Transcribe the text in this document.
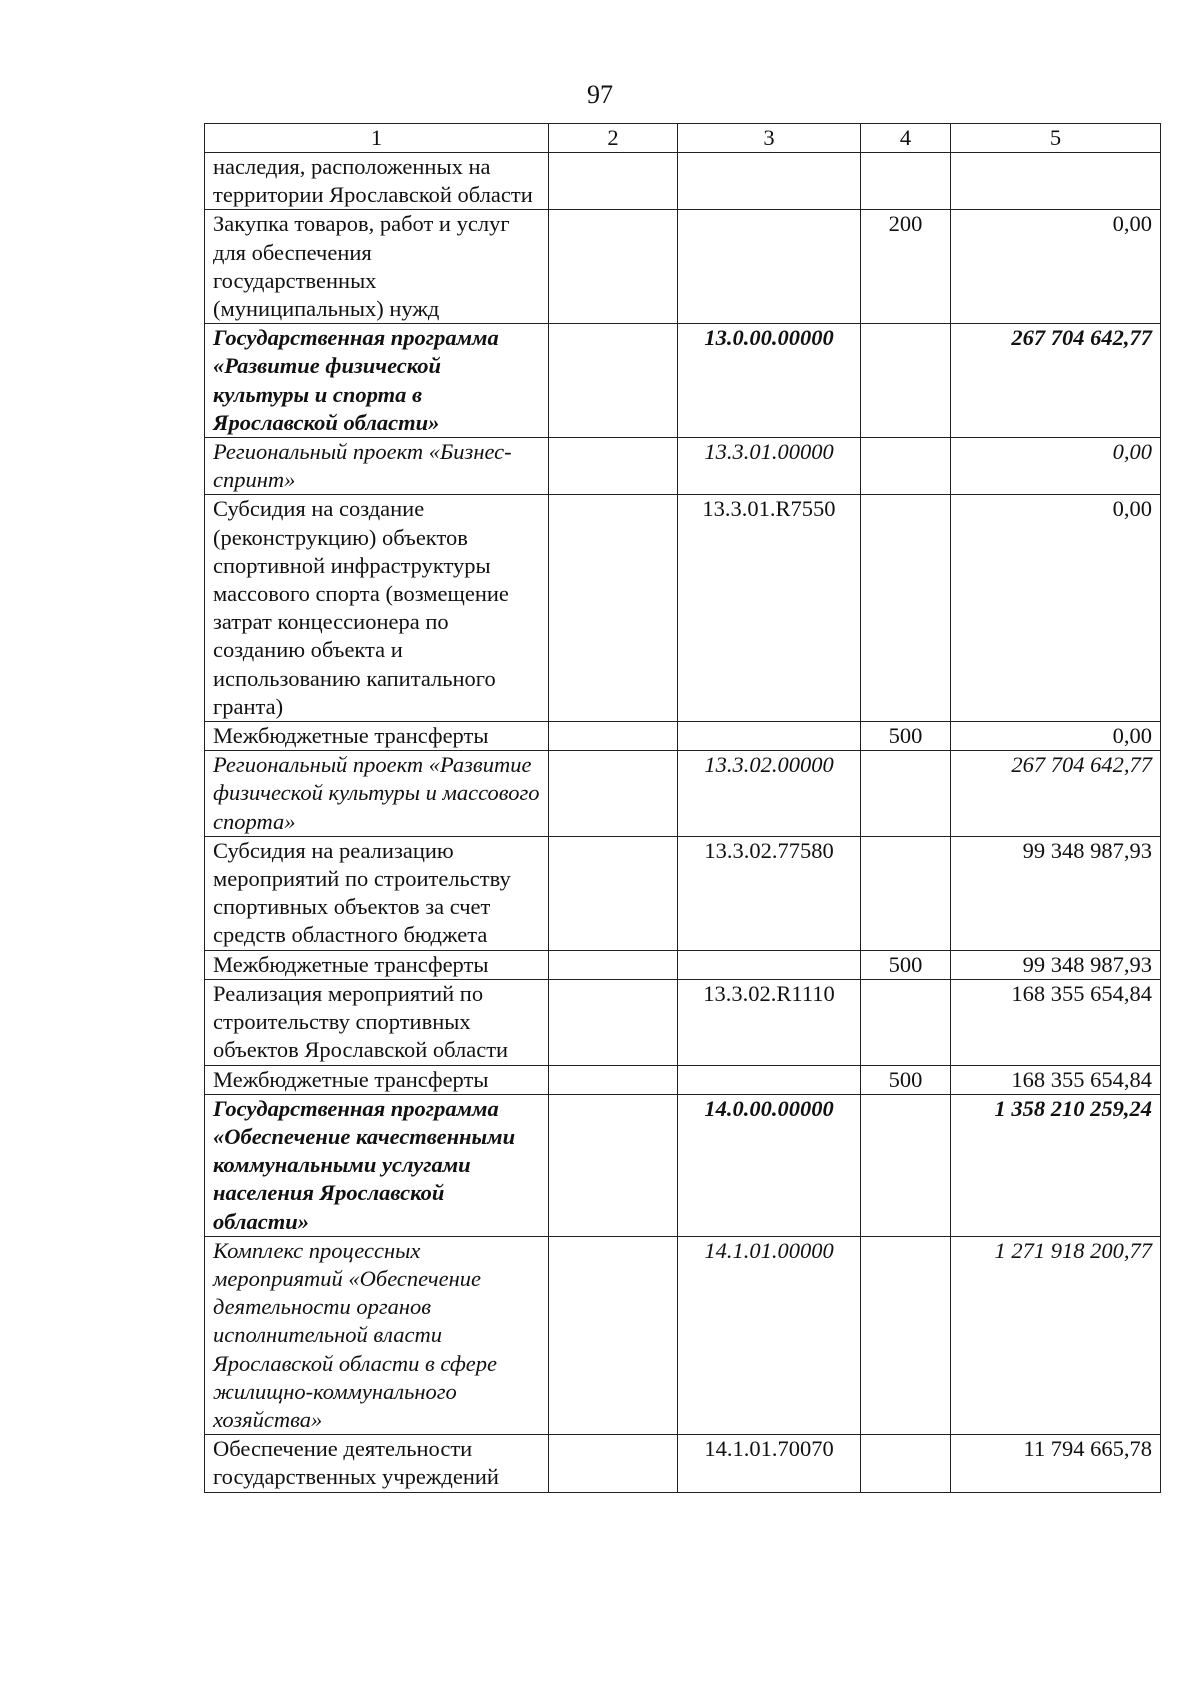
97
1	2	3	4	5
наследия, расположенных на территории Ярославской области				
Закупка товаров, работ и услуг для обеспечения государственных (муниципальных) нужд			200	0,00
Государственная программа «Развитие физической культуры и спорта в Ярославской области»		13.0.00.00000		267 704 642,77
Региональный проект «Бизнес-спринт»		13.3.01.00000		0,00
Субсидия на создание (реконструкцию) объектов спортивной инфраструктуры массового спорта (возмещение затрат концессионера по созданию объекта и использованию капитального гранта)		13.3.01.R7550		0,00
Межбюджетные трансферты			500	0,00
Региональный проект «Развитие физической культуры и массового спорта»		13.3.02.00000		267 704 642,77
Субсидия на реализацию мероприятий по строительству спортивных объектов за счет средств областного бюджета		13.3.02.77580		99 348 987,93
Межбюджетные трансферты			500	99 348 987,93
Реализация мероприятий по строительству спортивных объектов Ярославской области		13.3.02.R1110		168 355 654,84
Межбюджетные трансферты			500	168 355 654,84
Государственная программа «Обеспечение качественными коммунальными услугами населения Ярославской области»		14.0.00.00000		1 358 210 259,24
Комплекс процессных мероприятий «Обеспечение деятельности органов исполнительной власти Ярославской области в сфере жилищно-коммунального хозяйства»		14.1.01.00000		1 271 918 200,77
Обеспечение деятельности государственных учреждений		14.1.01.70070		11 794 665,78
